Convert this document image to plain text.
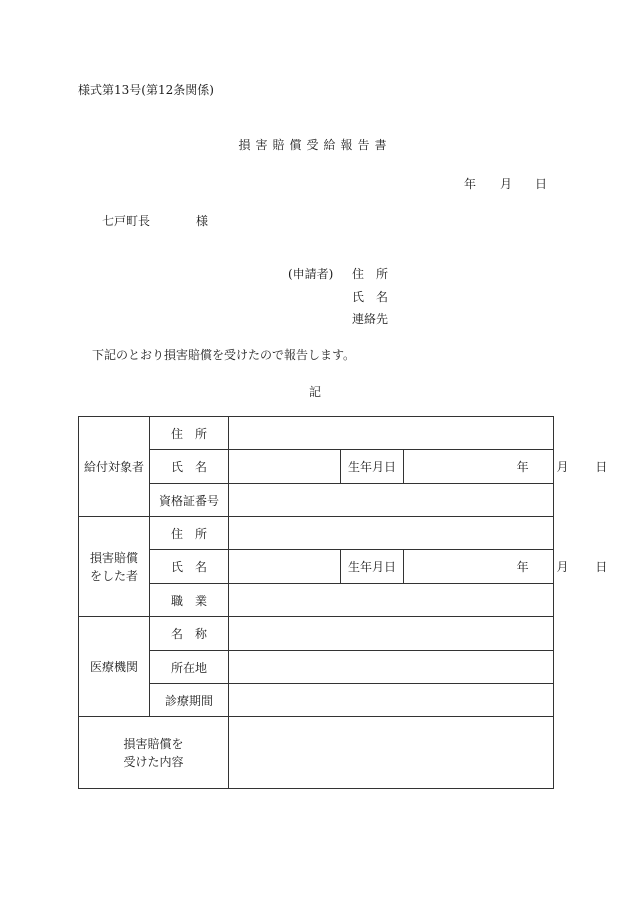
様式第13号(第12条関係)
損害賠償受給報告書
年 月 日
七戸町長	様
(申請者) 住　所
氏　名
連絡先
下記のとおり損害賠償を受けたので報告します。
記
給付対象者	住　所			
	氏　名		生年月日	年 月 日
	資格証番号			

損害賠償
をした者	住　所			
	氏　名		生年月日	年 月 日
	職　業			
医療機関	名　称			
	所在地			
	診療期間			

損害賠償を
受けた内容				
